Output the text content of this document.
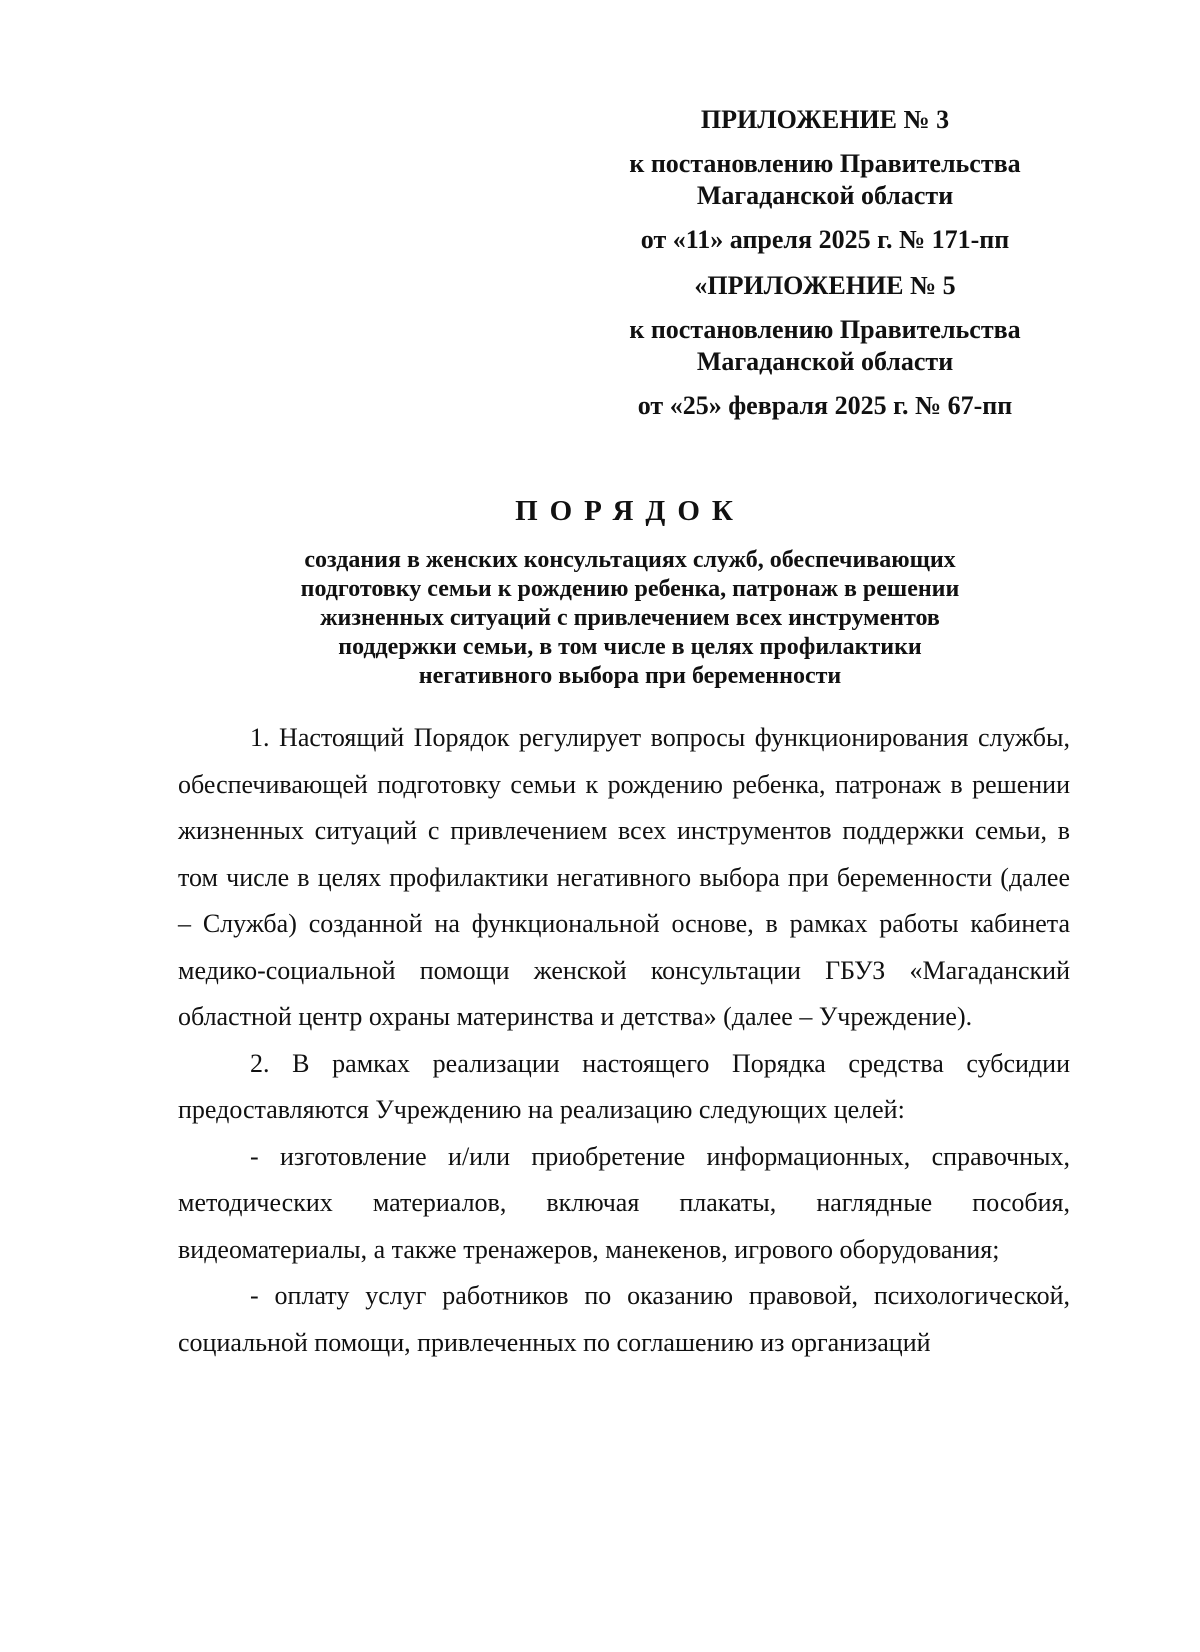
ПРИЛОЖЕНИЕ № 3
к постановлению Правительства
Магаданской области
от «11» апреля 2025 г. № 171-пп
«ПРИЛОЖЕНИЕ № 5
к постановлению Правительства
Магаданской области
от «25» февраля 2025 г. № 67-пп
ПОРЯДОК
создания в женских консультациях служб, обеспечивающих
подготовку семьи к рождению ребенка, патронаж в решении
жизненных ситуаций с привлечением всех инструментов
поддержки семьи, в том числе в целях профилактики
негативного выбора при беременности

1. Настоящий Порядок регулирует вопросы функционирования службы, обеспечивающей подготовку семьи к рождению ребенка, патронаж в решении жизненных ситуаций с привлечением всех инструментов поддержки семьи, в том числе в целях профилактики негативного выбора при беременности (далее – Служба) созданной на функциональной основе, в рамках работы кабинета медико-социальной помощи женской консультации ГБУЗ «Магаданский областной центр охраны материнства и детства» (далее – Учреждение).

2. В рамках реализации настоящего Порядка средства субсидии предоставляются Учреждению на реализацию следующих целей:

- изготовление и/или приобретение информационных, справочных, методических материалов, включая плакаты, наглядные пособия, видеоматериалы, а также тренажеров, манекенов, игрового оборудования;

- оплату услуг работников по оказанию правовой, психологической, социальной помощи, привлеченных по соглашению из организаций
